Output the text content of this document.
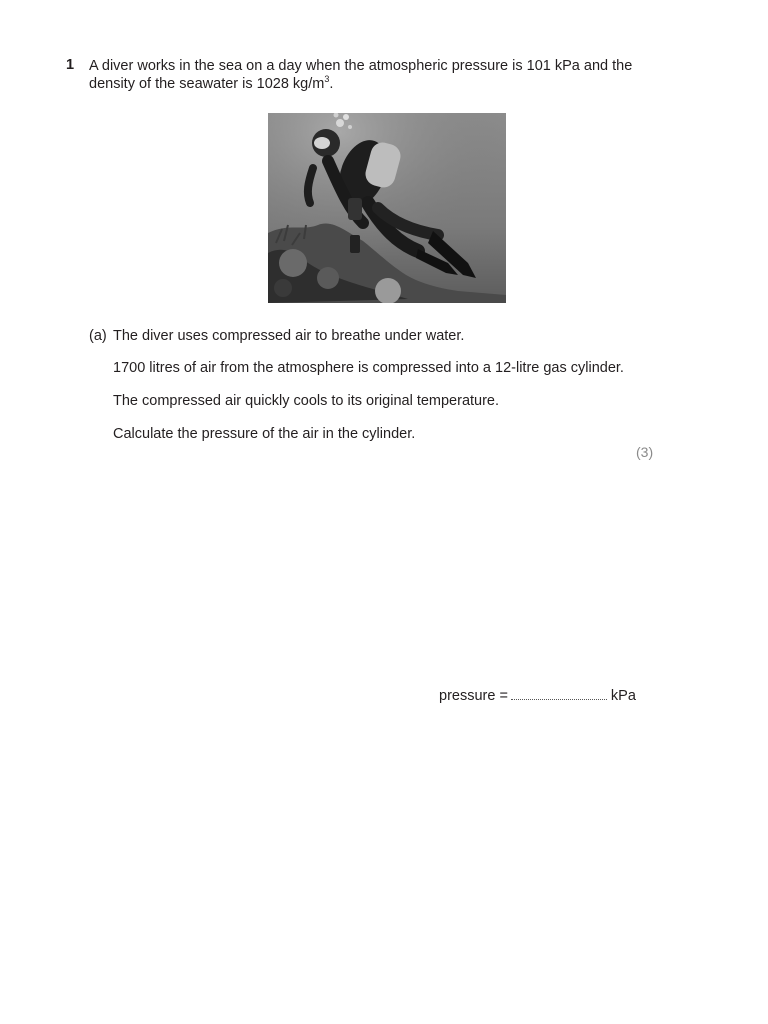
1 A diver works in the sea on a day when the atmospheric pressure is 101 kPa and the
density of the seawater is 1028 $kg/m^3$.
(a) The diver uses compressed air to breathe under water.
1700 litres of air from the atmosphere is compressed into a 12-litre gas cylinder.
The compressed air quickly cools to its original temperature.
Calculate the pressure of the air in the cylinder.
(3)
pressure =	kPa
